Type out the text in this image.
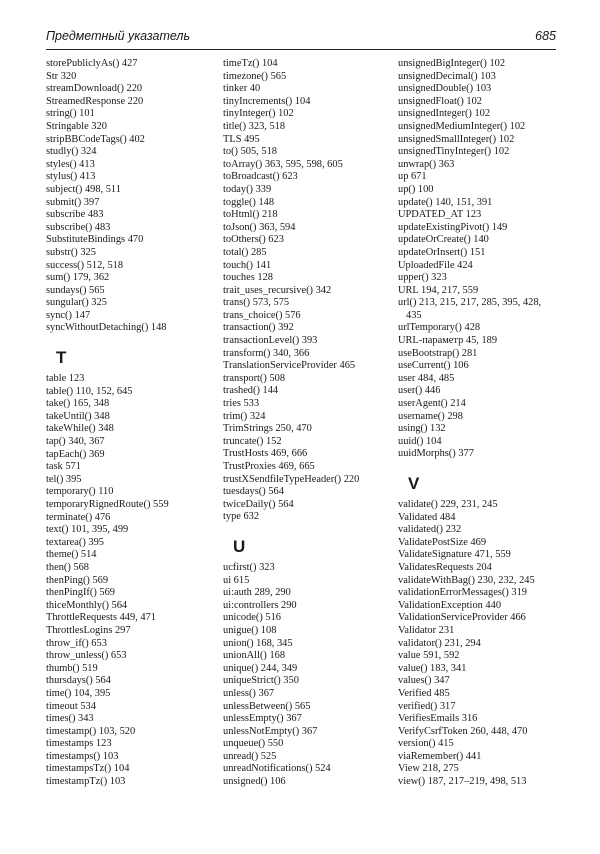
Предметный указатель	685
storePubliclyAs() 427
Str 320
streamDownload() 220
StreamedResponse 220
string() 101
Stringable 320
stripBBCodeTags() 402
studly() 324
styles() 413
stylus() 413
subject() 498, 511
submit() 397
subscribe 483
subscribe() 483
SubstituteBindings 470
substr() 325
success() 512, 518
sum() 179, 362
sundays() 565
sungular() 325
sync() 147
syncWithoutDetaching() 148
T
table 123
table() 110, 152, 645
take() 165, 348
takeUntil() 348
takeWhile() 348
tap() 340, 367
tapEach() 369
task 571
tel() 395
temporary() 110
temporaryRignedRoute() 559
terminate() 476
text() 101, 395, 499
textarea() 395
theme() 514
then() 568
thenPing() 569
thenPingIf() 569
thiceMonthly() 564
ThrottleRequests 449, 471
ThrottlesLogins 297
throw_if() 653
throw_unless() 653
thumb() 519
thursdays() 564
time() 104, 395
timeout 534
times() 343
timestamp() 103, 520
timestamps 123
timestamps() 103
timestampsTz() 104
timestampTz() 103
timeTz() 104
timezone() 565
tinker 40
tinyIncrements() 104
tinyInteger() 102
title() 323, 518
TLS 495
to() 505, 518
toArray() 363, 595, 598, 605
toBroadcast() 623
today() 339
toggle() 148
toHtml() 218
toJson() 363, 594
toOthers() 623
total() 285
touch() 141
touches 128
trait_uses_recursive() 342
trans() 573, 575
trans_choice() 576
transaction() 392
transactionLevel() 393
transform() 340, 366
TranslationServiceProvider 465
transport() 508
trashed() 144
tries 533
trim() 324
TrimStrings 250, 470
truncate() 152
TrustHosts 469, 666
TrustProxies 469, 665
trustXSendfileTypeHeader() 220
tuesdays() 564
twiceDaily() 564
type 632
U
ucfirst() 323
ui 615
ui:auth 289, 290
ui:controllers 290
unicode() 516
unigue() 108
union() 168, 345
unionAll() 168
unique() 244, 349
uniqueStrict() 350
unless() 367
unlessBetween() 565
unlessEmpty() 367
unlessNotEmpty() 367
unqueue() 550
unread() 525
unreadNotifications() 524
unsigned() 106
unsignedBigInteger() 102
unsignedDecimal() 103
unsignedDouble() 103
unsignedFloat() 102
unsignedInteger() 102
unsignedMediumInteger() 102
unsignedSmallInteger() 102
unsignedTinyInteger() 102
unwrap() 363
up 671
up() 100
update() 140, 151, 391
UPDATED_AT 123
updateExistingPivot() 149
updateOrCreate() 140
updateOrInsert() 151
UploadedFile 424
upper() 323
URL 194, 217, 559
url() 213, 215, 217, 285, 395, 428,
435
urlTemporary() 428
URL-параметр 45, 189
useBootstrap() 281
useCurrent() 106
user 484, 485
user() 446
userAgent() 214
username() 298
using() 132
uuid() 104
uuidMorphs() 377
V
validate() 229, 231, 245
Validated 484
validated() 232
ValidatePostSize 469
ValidateSignature 471, 559
ValidatesRequests 204
validateWithBag() 230, 232, 245
validationErrorMessages() 319
ValidationException 440
ValidationServiceProvider 466
Validator 231
validator() 231, 294
value 591, 592
value() 183, 341
values() 347
Verified 485
verified() 317
VerifiesEmails 316
VerifyCsrfToken 260, 448, 470
version() 415
viaRemember() 441
View 218, 275
view() 187, 217–219, 498, 513
